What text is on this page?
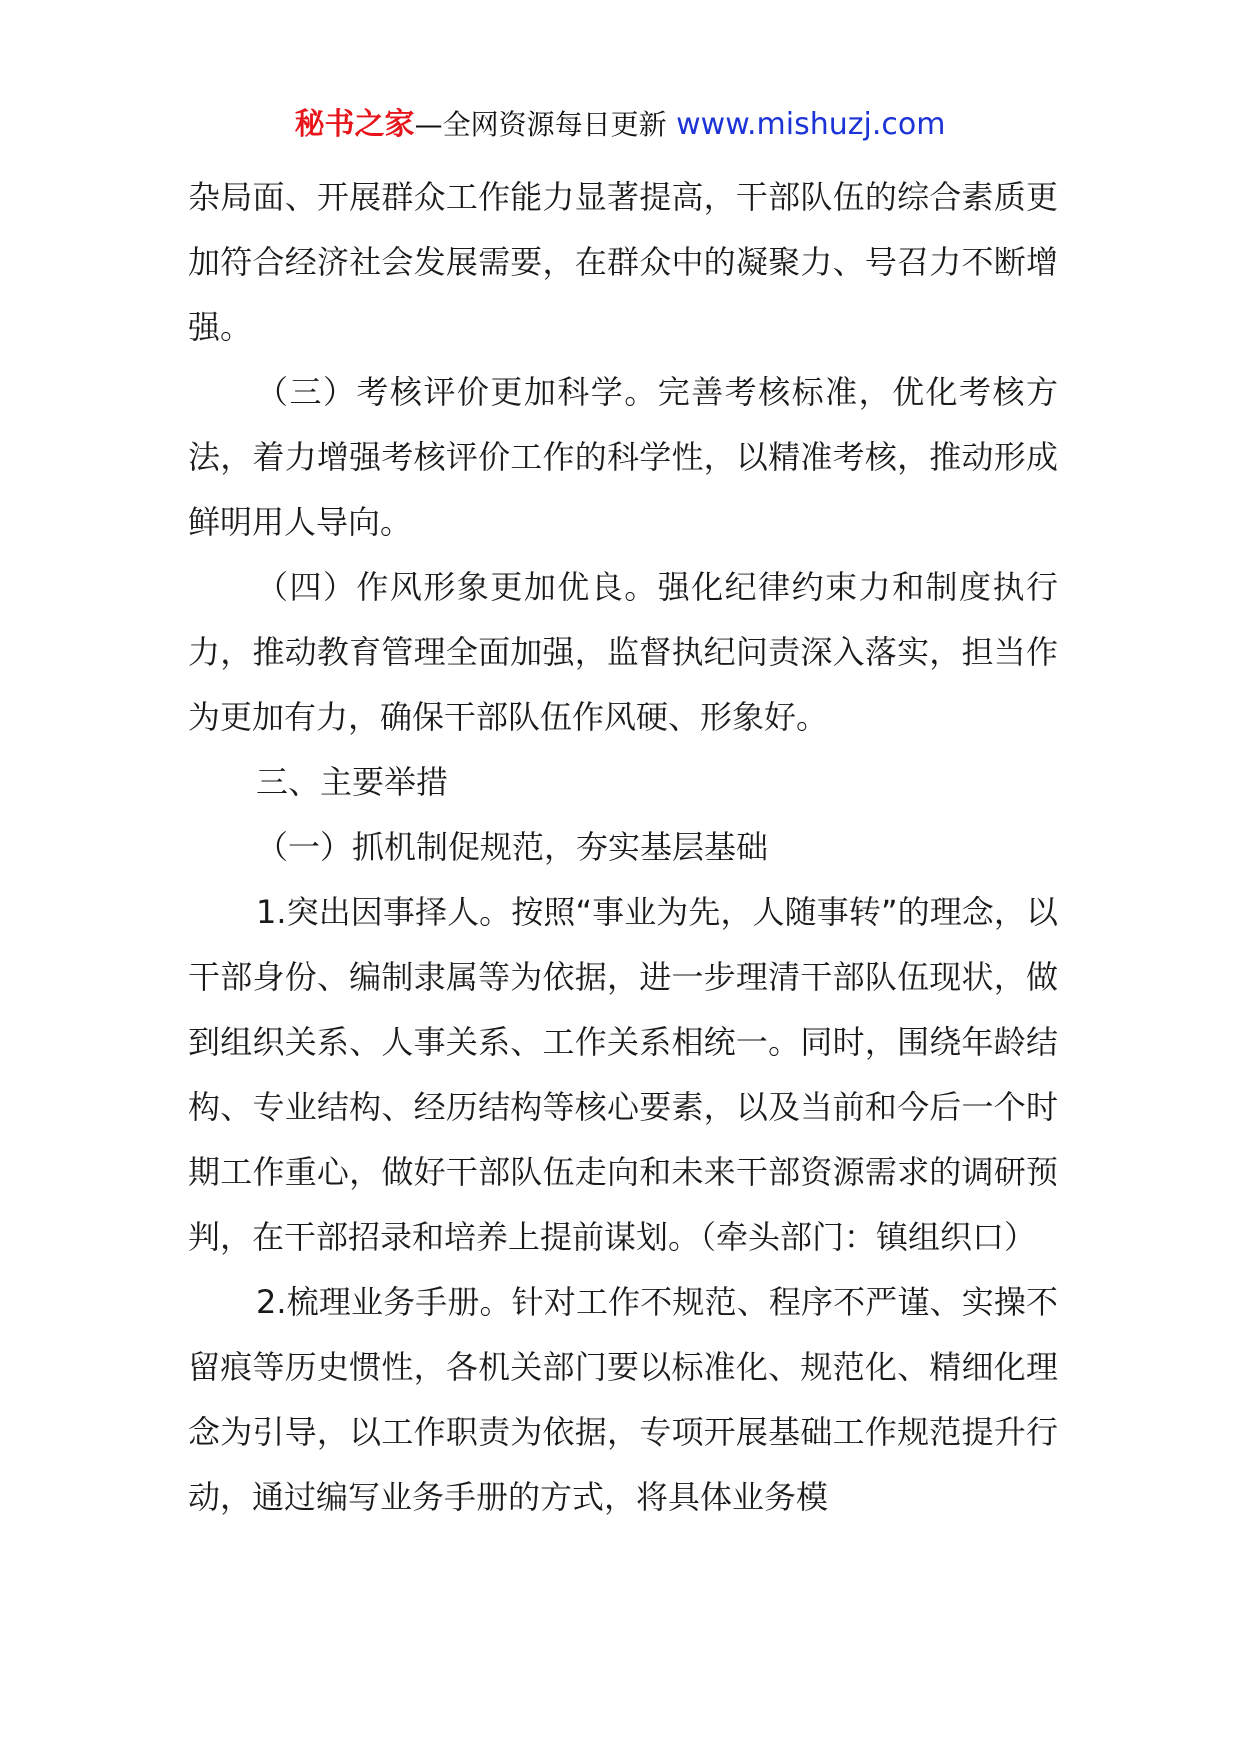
秘书之家—全网资源每日更新 www.mishuzj.com

杂局面、开展群众工作能力显著提高，干部队伍的综合素质更加符合经济社会发展需要，在群众中的凝聚力、号召力不断增强。

（三）考核评价更加科学。完善考核标准，优化考核方法，着力增强考核评价工作的科学性，以精准考核，推动形成鲜明用人导向。

（四）作风形象更加优良。强化纪律约束力和制度执行力，推动教育管理全面加强，监督执纪问责深入落实，担当作为更加有力，确保干部队伍作风硬、形象好。

三、主要举措

（一）抓机制促规范，夯实基层基础

1.突出因事择人。按照“事业为先，人随事转”的理念，以干部身份、编制隶属等为依据，进一步理清干部队伍现状，做到组织关系、人事关系、工作关系相统一。同时，围绕年龄结构、专业结构、经历结构等核心要素，以及当前和今后一个时期工作重心，做好干部队伍走向和未来干部资源需求的调研预判，在干部招录和培养上提前谋划。（牵头部门：镇组织口）

2.梳理业务手册。针对工作不规范、程序不严谨、实操不留痕等历史惯性，各机关部门要以标准化、规范化、精细化理念为引导，以工作职责为依据，专项开展基础工作规范提升行动，通过编写业务手册的方式，将具体业务模
